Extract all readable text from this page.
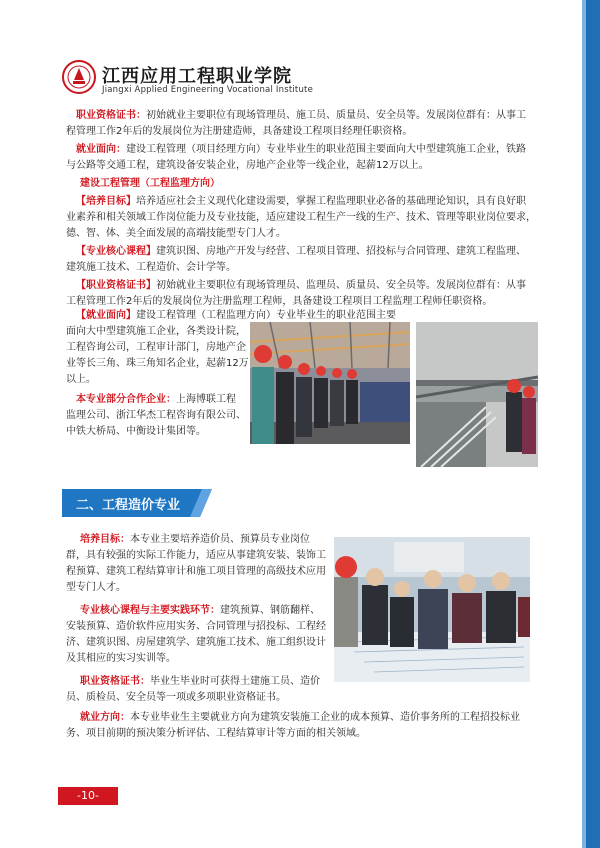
江西应用工程职业学院
Jiangxi Applied Engineering Vocational Institute
职业资格证书：初始就业主要职位有现场管理员、施工员、质量员、安全员等。发展岗位群有：从事工
程管理工作2年后的发展岗位为注册建造师，具备建设工程项目经理任职资格。
就业面向：建设工程管理（项目经理方向）专业毕业生的职业范围主要面向大中型建筑施工企业，铁路
与公路等交通工程，建筑设备安装企业，房地产企业等一线企业，起薪12万以上。
建设工程管理（工程监理方向）
【培养目标】培养适应社会主义现代化建设需要，掌握工程监理职业必备的基础理论知识，具有良好职
业素养和相关领域工作岗位能力及专业技能，适应建设工程生产一线的生产、技术、管理等职业岗位要求，
德、智、体、美全面发展的高端技能型专门人才。
【专业核心课程】建筑识图、房地产开发与经营、工程项目管理、招投标与合同管理、建筑工程监理、
建筑施工技术、工程造价、会计学等。
【职业资格证书】初始就业主要职位有现场管理员、监理员、质量员、安全员等。发展岗位群有：从事
工程管理工作2年后的发展岗位为注册监理工程师，具备建设工程项目工程监理工程师任职资格。
【就业面向】建设工程管理（工程监理方向）专业毕业生的职业范围主要
面向大中型建筑施工企业，各类设计院，
工程咨询公司，工程审计部门，房地产企
业等长三角、珠三角知名企业，起薪12万
以上。
本专业部分合作企业：上海博联工程
监理公司、浙江华杰工程咨询有限公司、
中铁大桥局、中衡设计集团等。
二、工程造价专业
培养目标：本专业主要培养造价员、预算员专业岗位
群，具有较强的实际工作能力，适应从事建筑安装、装饰工
程预算、建筑工程结算审计和施工项目管理的高级技术应用
型专门人才。
专业核心课程与主要实践环节：建筑预算、钢筋翻样、
安装预算、造价软件应用实务、合同管理与招投标、工程经
济、建筑识图、房屋建筑学、建筑施工技术、施工组织设计
及其相应的实习实训等。
职业资格证书：毕业生毕业时可获得土建施工员、造价
员、质检员、安全员等一项或多项职业资格证书。
就业方向：本专业毕业生主要就业方向为建筑安装施工企业的成本预算、造价事务所的工程招投标业
务、项目前期的预决策分析评估、工程结算审计等方面的相关领域。
-10-
